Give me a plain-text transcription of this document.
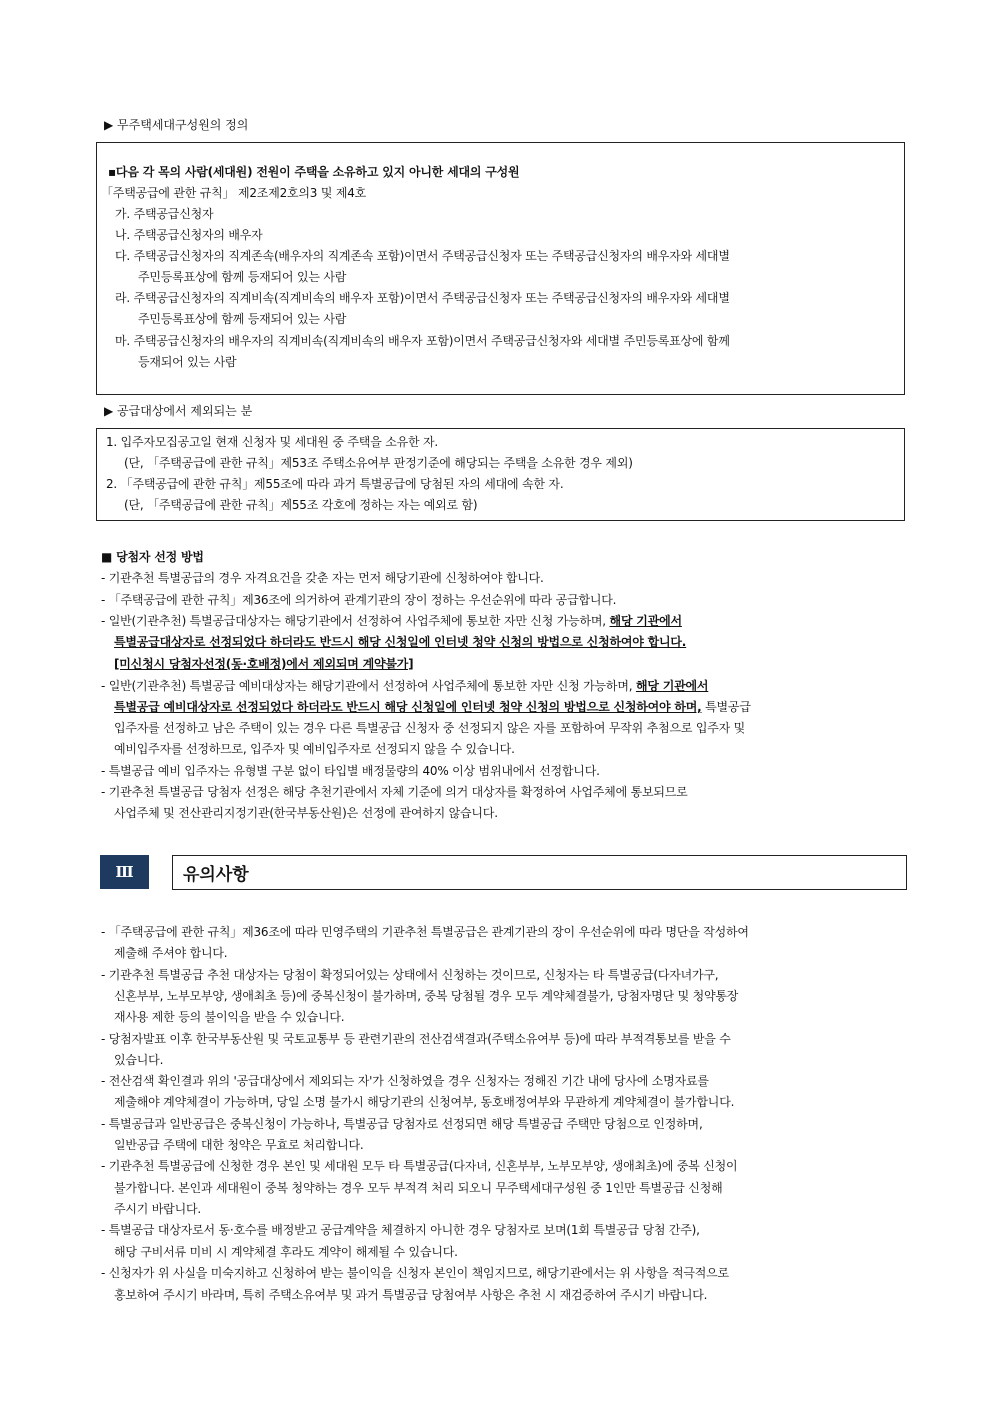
▶ 무주택세대구성원의 정의
▪다음 각 목의 사람(세대원) 전원이 주택을 소유하고 있지 아니한 세대의 구성원
「주택공급에 관한 규칙」 제2조제2호의3 및 제4호
가. 주택공급신청자
나. 주택공급신청자의 배우자
다. 주택공급신청자의 직계존속(배우자의 직계존속 포함)이면서 주택공급신청자 또는 주택공급신청자의 배우자와 세대별
주민등록표상에 함께 등재되어 있는 사람
라. 주택공급신청자의 직계비속(직계비속의 배우자 포함)이면서 주택공급신청자 또는 주택공급신청자의 배우자와 세대별
주민등록표상에 함께 등재되어 있는 사람
마. 주택공급신청자의 배우자의 직계비속(직계비속의 배우자 포함)이면서 주택공급신청자와 세대별 주민등록표상에 함께
등재되어 있는 사람
▶ 공급대상에서 제외되는 분
1. 입주자모집공고일 현재 신청자 및 세대원 중 주택을 소유한 자.
(단, 「주택공급에 관한 규칙」제53조 주택소유여부 판정기준에 해당되는 주택을 소유한 경우 제외)
2. 「주택공급에 관한 규칙」제55조에 따라 과거 특별공급에 당첨된 자의 세대에 속한 자.
(단, 「주택공급에 관한 규칙」제55조 각호에 정하는 자는 예외로 함)
■ 당첨자 선정 방법
- 기관추천 특별공급의 경우 자격요건을 갖춘 자는 먼저 해당기관에 신청하여야 합니다.
- 「주택공급에 관한 규칙」제36조에 의거하여 관계기관의 장이 정하는 우선순위에 따라 공급합니다.
- 일반(기관추천) 특별공급대상자는 해당기관에서 선정하여 사업주체에 통보한 자만 신청 가능하며, 해당 기관에서
특별공급대상자로 선정되었다 하더라도 반드시 해당 신청일에 인터넷 청약 신청의 방법으로 신청하여야 합니다.
[미신청시 당첨자선정(동·호배정)에서 제외되며 계약불가]
- 일반(기관추천) 특별공급 예비대상자는 해당기관에서 선정하여 사업주체에 통보한 자만 신청 가능하며, 해당 기관에서
특별공급 예비대상자로 선정되었다 하더라도 반드시 해당 신청일에 인터넷 청약 신청의 방법으로 신청하여야 하며, 특별공급
입주자를 선정하고 남은 주택이 있는 경우 다른 특별공급 신청자 중 선정되지 않은 자를 포함하여 무작위 추첨으로 입주자 및
예비입주자를 선정하므로, 입주자 및 예비입주자로 선정되지 않을 수 있습니다.
- 특별공급 예비 입주자는 유형별 구분 없이 타입별 배정물량의 40% 이상 범위내에서 선정합니다.
- 기관추천 특별공급 당첨자 선정은 해당 추천기관에서 자체 기준에 의거 대상자를 확정하여 사업주체에 통보되므로
사업주체 및 전산관리지정기관(한국부동산원)은 선정에 관여하지 않습니다.
Ⅲ	유의사항
- 「주택공급에 관한 규칙」제36조에 따라 민영주택의 기관추천 특별공급은 관계기관의 장이 우선순위에 따라 명단을 작성하여
제출해 주셔야 합니다.
- 기관추천 특별공급 추천 대상자는 당첨이 확정되어있는 상태에서 신청하는 것이므로, 신청자는 타 특별공급(다자녀가구,
신혼부부, 노부모부양, 생애최초 등)에 중복신청이 불가하며, 중복 당첨될 경우 모두 계약체결불가, 당첨자명단 및 청약통장
재사용 제한 등의 불이익을 받을 수 있습니다.
- 당첨자발표 이후 한국부동산원 및 국토교통부 등 관련기관의 전산검색결과(주택소유여부 등)에 따라 부적격통보를 받을 수
있습니다.
- 전산검색 확인결과 위의 '공급대상에서 제외되는 자'가 신청하였을 경우 신청자는 정해진 기간 내에 당사에 소명자료를
제출해야 계약체결이 가능하며, 당일 소명 불가시 해당기관의 신청여부, 동호배정여부와 무관하게 계약체결이 불가합니다.
- 특별공급과 일반공급은 중복신청이 가능하나, 특별공급 당첨자로 선정되면 해당 특별공급 주택만 당첨으로 인정하며,
일반공급 주택에 대한 청약은 무효로 처리합니다.
- 기관추천 특별공급에 신청한 경우 본인 및 세대원 모두 타 특별공급(다자녀, 신혼부부, 노부모부양, 생애최초)에 중복 신청이
불가합니다. 본인과 세대원이 중복 청약하는 경우 모두 부적격 처리 되오니 무주택세대구성원 중 1인만 특별공급 신청해
주시기 바랍니다.
- 특별공급 대상자로서 동·호수를 배정받고 공급계약을 체결하지 아니한 경우 당첨자로 보며(1회 특별공급 당첨 간주),
해당 구비서류 미비 시 계약체결 후라도 계약이 해제될 수 있습니다.
- 신청자가 위 사실을 미숙지하고 신청하여 받는 불이익을 신청자 본인이 책임지므로, 해당기관에서는 위 사항을 적극적으로
홍보하여 주시기 바라며, 특히 주택소유여부 및 과거 특별공급 당첨여부 사항은 추천 시 재검증하여 주시기 바랍니다.
